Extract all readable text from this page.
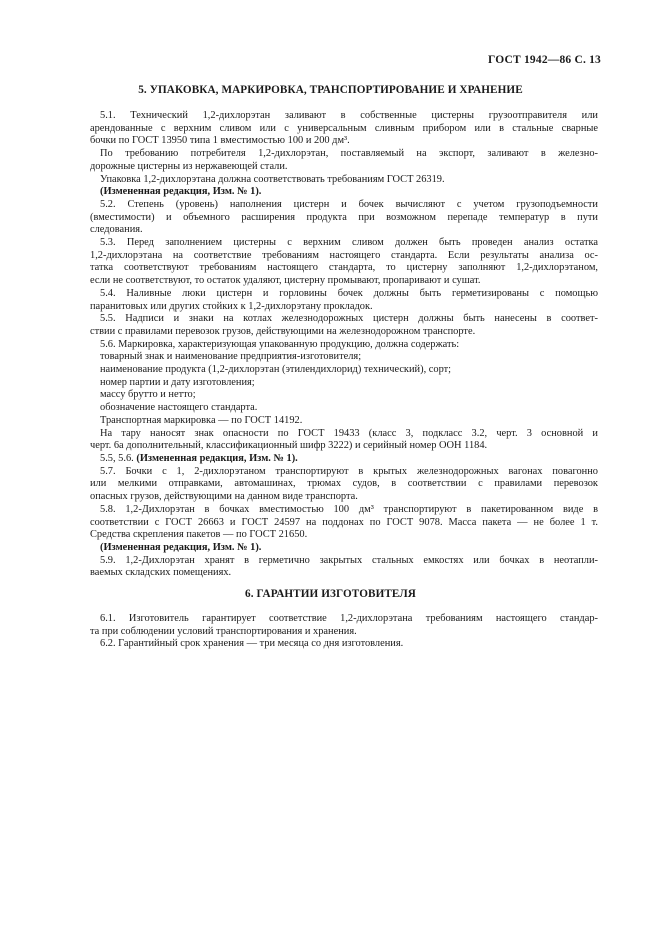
ГОСТ 1942—86 С. 13
5. УПАКОВКА, МАРКИРОВКА, ТРАНСПОРТИРОВАНИЕ И ХРАНЕНИЕ
5.1. Технический 1,2-дихлорэтан заливают в собственные цистерны грузоотправителя или
арендованные с верхним сливом или с универсальным сливным прибором или в стальные сварные
бочки по ГОСТ 13950 типа 1 вместимостью 100 и 200 дм³.
По требованию потребителя 1,2-дихлорэтан, поставляемый на экспорт, заливают в железно-
дорожные цистерны из нержавеющей стали.
Упаковка 1,2-дихлорэтана должна соответствовать требованиям ГОСТ 26319.
(Измененная редакция, Изм. № 1).
5.2. Степень (уровень) наполнения цистерн и бочек вычисляют с учетом грузоподъемности
(вместимости) и объемного расширения продукта при возможном перепаде температур в пути
следования.
5.3. Перед заполнением цистерны с верхним сливом должен быть проведен анализ остатка
1,2-дихлорэтана на соответствие требованиям настоящего стандарта. Если результаты анализа ос-
татка соответствуют требованиям настоящего стандарта, то цистерну заполняют 1,2-дихлорэтаном,
если не соответствуют, то остаток удаляют, цистерну промывают, пропаривают и сушат.
5.4. Наливные люки цистерн и горловины бочек должны быть герметизированы с помощью
паранитовых или других стойких к 1,2-дихлорэтану прокладок.
5.5. Надписи и знаки на котлах железнодорожных цистерн должны быть нанесены в соответ-
ствии с правилами перевозок грузов, действующими на железнодорожном транспорте.
5.6. Маркировка, характеризующая упакованную продукцию, должна содержать:
товарный знак и наименование предприятия-изготовителя;
наименование продукта (1,2-дихлорэтан (этилендихлорид) технический), сорт;
номер партии и дату изготовления;
массу брутто и нетто;
обозначение настоящего стандарта.
Транспортная маркировка — по ГОСТ 14192.
На тару наносят знак опасности по ГОСТ 19433 (класс 3, подкласс 3.2, черт. 3 основной и
черт. 6а дополнительный, классификационный шифр 3222) и серийный номер ООН 1184.
5.5, 5.6. (Измененная редакция, Изм. № 1).
5.7. Бочки с 1, 2-дихлорэтаном транспортируют в крытых железнодорожных вагонах повагонно
или мелкими отправками, автомашинах, трюмах судов, в соответствии с правилами перевозок
опасных грузов, действующими на данном виде транспорта.
5.8. 1,2-Дихлорэтан в бочках вместимостью 100 дм³ транспортируют в пакетированном виде в
соответствии с ГОСТ 26663 и ГОСТ 24597 на поддонах по ГОСТ 9078. Масса пакета — не более 1 т.
Средства скрепления пакетов — по ГОСТ 21650.
(Измененная редакция, Изм. № 1).
5.9. 1,2-Дихлорэтан хранят в герметично закрытых стальных емкостях или бочках в неотапли-
ваемых складских помещениях.
6. ГАРАНТИИ ИЗГОТОВИТЕЛЯ
6.1. Изготовитель гарантирует соответствие 1,2-дихлорэтана требованиям настоящего стандар-
та при соблюдении условий транспортирования и хранения.
6.2. Гарантийный срок хранения — три месяца со дня изготовления.
